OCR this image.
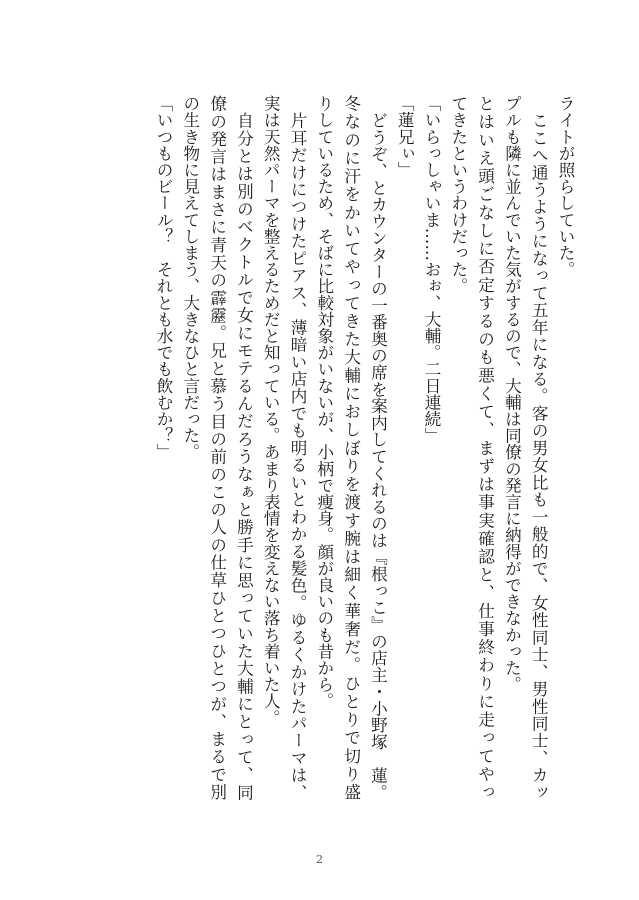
ライトが照らしていた。
ここへ通うようになって五年になる。客の男女比も一般的で、女性同士、男性同士、カッ
プルも隣に並んでいた気がするので、大輔は同僚の発言に納得ができなかった。
とはいえ頭ごなしに否定するのも悪くて、まずは事実確認と、仕事終わりに走ってやっ
てきたというわけだった。
「いらっしゃいま……おぉ、大輔。二日連続」
「蓮兄ぃ」
どうぞ、とカウンターの一番奥の席を案内してくれるのは『根っこ』の店主・小野塚　蓮。
冬なのに汗をかいてやってきた大輔におしぼりを渡す腕は細く華奢だ。ひとりで切り盛
りしているため、そばに比較対象がいないが、小柄で痩身。顔が良いのも昔から。
片耳だけにつけたピアス、薄暗い店内でも明るいとわかる髪色。ゆるくかけたパーマは、
実は天然パーマを整えるためだと知っている。あまり表情を変えない落ち着いた人。
自分とは別のベクトルで女にモテるんだろうなぁと勝手に思っていた大輔にとって、同
僚の発言はまさに青天の霹靂。兄と慕う目の前のこの人の仕草ひとつひとつが、まるで別
の生き物に見えてしまう、大きなひと言だった。
「いつものビール？　それとも水でも飲むか？」
2
